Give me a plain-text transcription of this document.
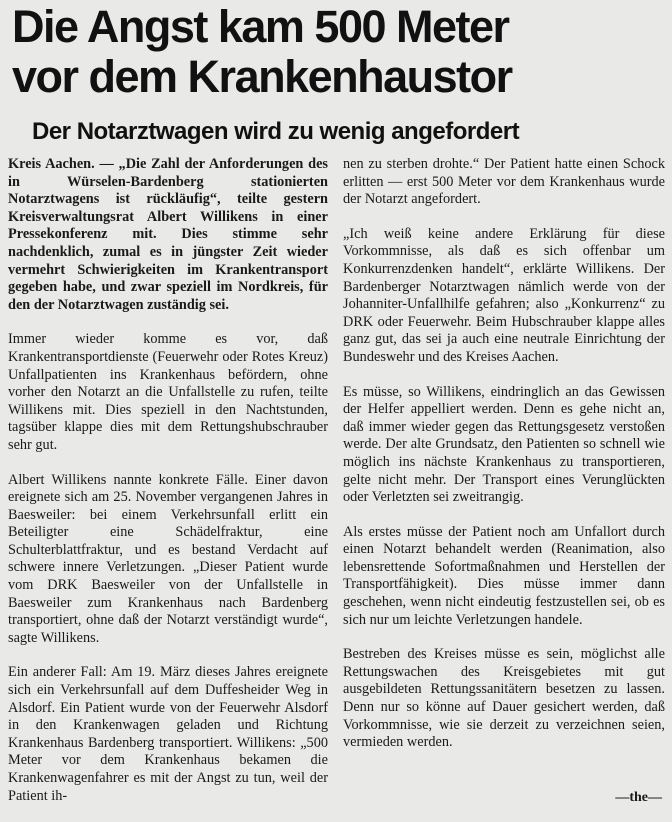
Die Angst kam 500 Meter
vor dem Krankenhaustor
Der Notarztwagen wird zu wenig angefordert

Kreis Aachen. — „Die Zahl der Anforderungen des in Würselen-Bardenberg stationierten Notarztwagens ist rückläufig“, teilte gestern Kreisverwaltungsrat Albert Willikens in einer Pressekonferenz mit. Dies stimme sehr nachdenklich, zumal es in jüngster Zeit wieder vermehrt Schwierigkeiten im Krankentransport gegeben habe, und zwar speziell im Nordkreis, für den der Notarztwagen zuständig sei.

Immer wieder komme es vor, daß Krankentransportdienste (Feuerwehr oder Rotes Kreuz) Unfallpatienten ins Krankenhaus befördern, ohne vorher den Notarzt an die Unfallstelle zu rufen, teilte Willikens mit. Dies speziell in den Nachtstunden, tagsüber klappe dies mit dem Rettungshubschrauber sehr gut.

Albert Willikens nannte konkrete Fälle. Einer davon ereignete sich am 25. November vergangenen Jahres in Baesweiler: bei einem Verkehrsunfall erlitt ein Beteiligter eine Schädelfraktur, eine Schulterblattfraktur, und es bestand Verdacht auf schwere innere Verletzungen. „Dieser Patient wurde vom DRK Baesweiler von der Unfallstelle in Baesweiler zum Krankenhaus nach Bardenberg transportiert, ohne daß der Notarzt verständigt wurde“, sagte Willikens.

Ein anderer Fall: Am 19. März dieses Jahres ereignete sich ein Verkehrsunfall auf dem Duffesheider Weg in Alsdorf. Ein Patient wurde von der Feuerwehr Alsdorf in den Krankenwagen geladen und Richtung Krankenhaus Bardenberg transportiert. Willikens: „500 Meter vor dem Krankenhaus bekamen die Krankenwagenfahrer es mit der Angst zu tun, weil der Patient ih-

nen zu sterben drohte.“ Der Patient hatte einen Schock erlitten — erst 500 Meter vor dem Krankenhaus wurde der Notarzt angefordert.

„Ich weiß keine andere Erklärung für diese Vorkommnisse, als daß es sich offenbar um Konkurrenzdenken handelt“, erklärte Willikens. Der Bardenberger Notarztwagen nämlich werde von der Johanniter-Unfallhilfe gefahren; also „Konkurrenz“ zu DRK oder Feuerwehr. Beim Hubschrauber klappe alles ganz gut, das sei ja auch eine neutrale Einrichtung der Bundeswehr und des Kreises Aachen.

Es müsse, so Willikens, eindringlich an das Gewissen der Helfer appelliert werden. Denn es gehe nicht an, daß immer wieder gegen das Rettungsgesetz verstoßen werde. Der alte Grundsatz, den Patienten so schnell wie möglich ins nächste Krankenhaus zu transportieren, gelte nicht mehr. Der Transport eines Verunglückten oder Verletzten sei zweitrangig.

Als erstes müsse der Patient noch am Unfallort durch einen Notarzt behandelt werden (Reanimation, also lebensrettende Sofortmaßnahmen und Herstellen der Transportfähigkeit). Dies müsse immer dann geschehen, wenn nicht eindeutig festzustellen sei, ob es sich nur um leichte Verletzungen handele.

Bestreben des Kreises müsse es sein, möglichst alle Rettungswachen des Kreisgebietes mit gut ausgebildeten Rettungssanitätern besetzen zu lassen. Denn nur so könne auf Dauer gesichert werden, daß Vorkommnisse, wie sie derzeit zu verzeichnen seien, vermieden werden.

—the—
